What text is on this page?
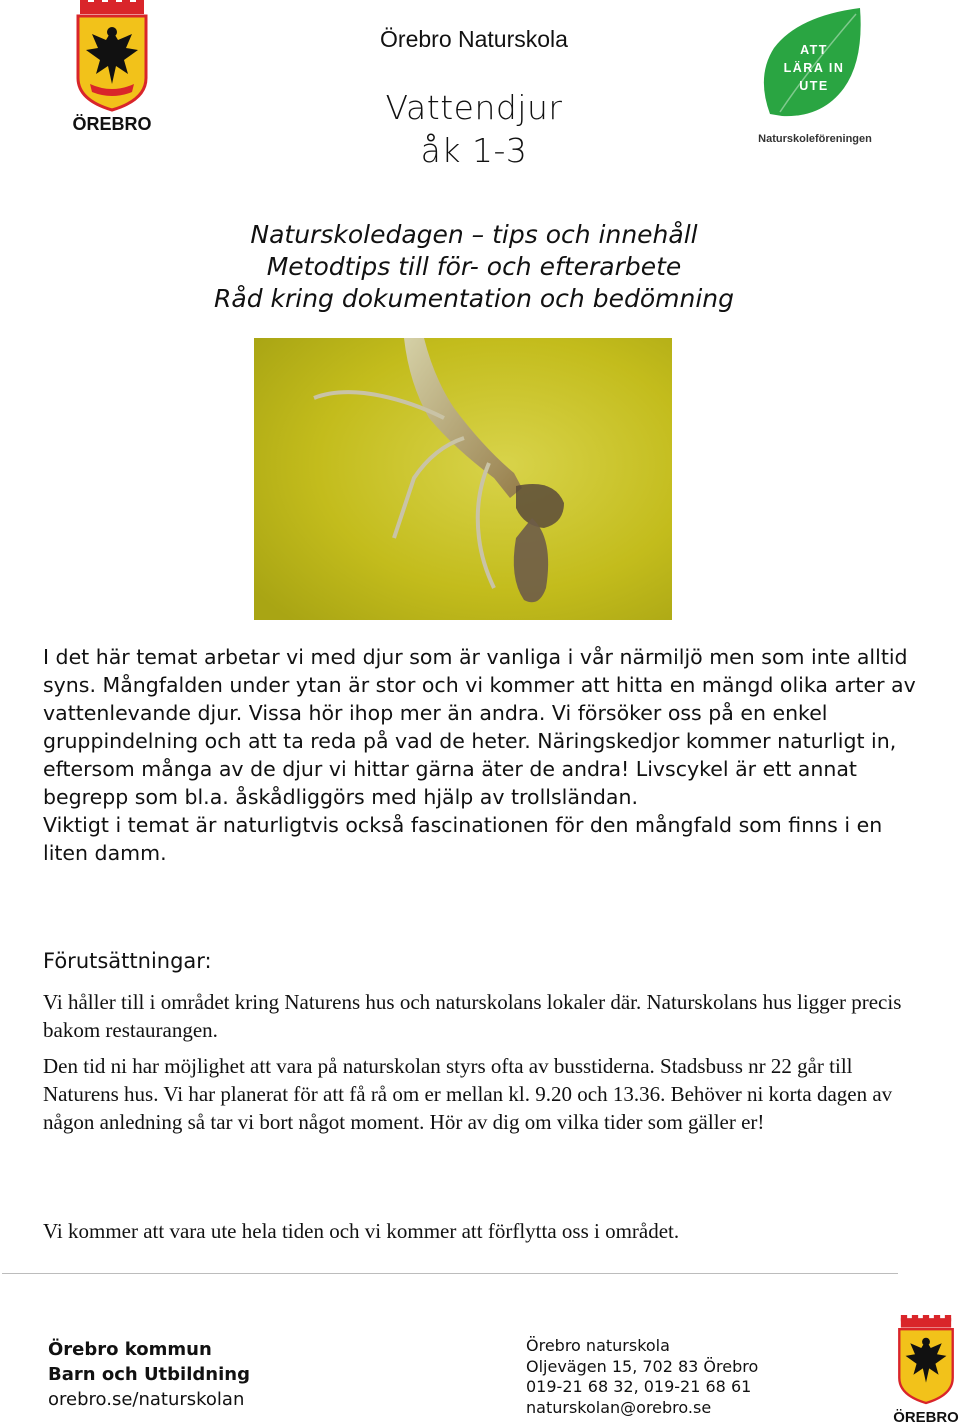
ÖREBRO
ATT
LÄRA IN
UTE
Naturskoleföreningen
Örebro Naturskola
Vattendjur
åk 1-3
Naturskoledagen – tips och innehåll
Metodtips till för- och efterarbete
Råd kring dokumentation och bedömning

I det här temat arbetar vi med djur som är vanliga i vår närmiljö men som inte alltid syns. Mångfalden under ytan är stor och vi kommer att hitta en mängd olika arter av vattenlevande djur. Vissa hör ihop mer än andra. Vi försöker oss på en enkel gruppindelning och att ta reda på vad de heter. Näringskedjor kommer naturligt in, eftersom många av de djur vi hittar gärna äter de andra! Livscykel är ett annat begrepp som bl.a. åskådliggörs med hjälp av trollsländan.

Viktigt i temat är naturligtvis också fascinationen för den mångfald som finns i en liten damm.

Förutsättningar:

Vi håller till i området kring Naturens hus och naturskolans lokaler där. Naturskolans hus ligger precis bakom restaurangen.

Den tid ni har möjlighet att vara på naturskolan styrs ofta av busstiderna. Stadsbuss nr 22 går till Naturens hus. Vi har planerat för att få rå om er mellan kl. 9.20 och 13.36. Behöver ni korta dagen av någon anledning så tar vi bort något moment. Hör av dig om vilka tider som gäller er!

Vi kommer att vara ute hela tiden och vi kommer att förflytta oss i området.
Örebro kommun
Barn och Utbildning
orebro.se/naturskolan
Örebro naturskola
Oljevägen 15, 702 83 Örebro
019-21 68 32, 019-21 68 61
naturskolan@orebro.se
ÖREBRO
